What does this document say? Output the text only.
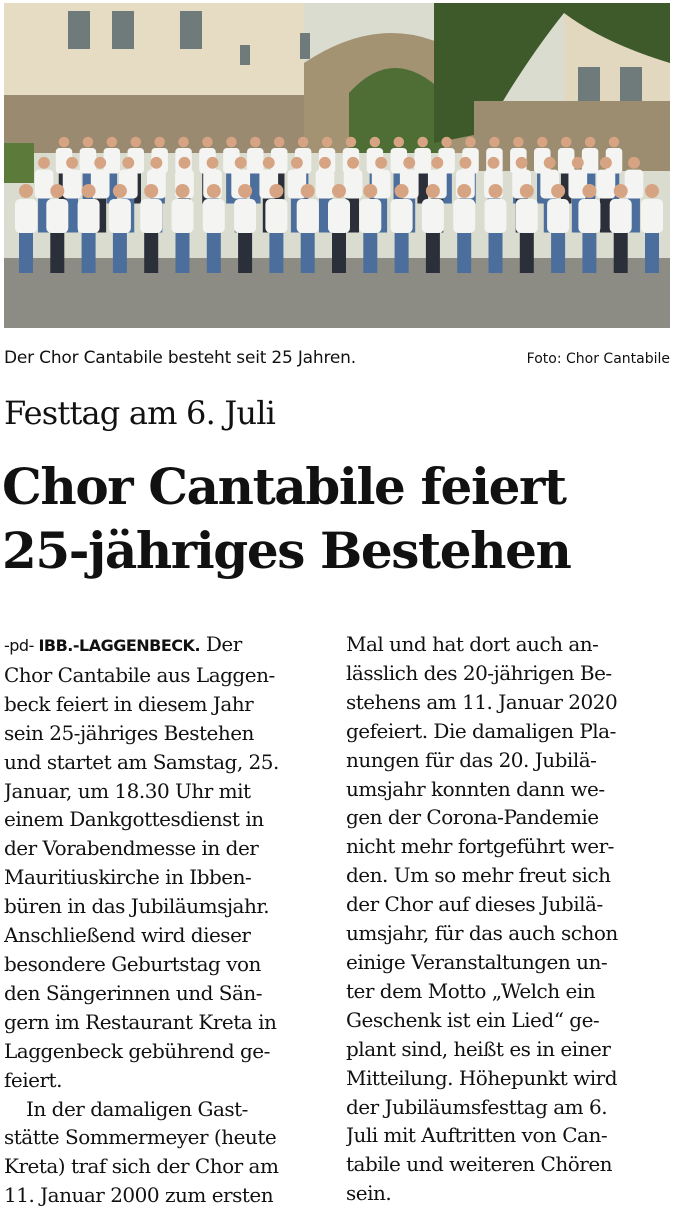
Der Chor Cantabile besteht seit 25 Jahren.	Foto: Chor Cantabile
Festtag am 6. Juli
Chor Cantabile feiert
25-jähriges Bestehen
-pd- IBB.-LAGGENBECK. Der
Chor Cantabile aus Laggen-
beck feiert in diesem Jahr
sein 25-jähriges Bestehen
und startet am Samstag, 25.
Januar, um 18.30 Uhr mit
einem Dankgottesdienst in
der Vorabendmesse in der
Mauritiuskirche in Ibben-
büren in das Jubiläumsjahr.
Anschließend wird dieser
besondere Geburtstag von
den Sängerinnen und Sän-
gern im Restaurant Kreta in
Laggenbeck gebührend ge-
feiert.
In der damaligen Gast-
stätte Sommermeyer (heute
Kreta) traf sich der Chor am
11. Januar 2000 zum ersten
Mal und hat dort auch an-
lässlich des 20-jährigen Be-
stehens am 11. Januar 2020
gefeiert. Die damaligen Pla-
nungen für das 20. Jubilä-
umsjahr konnten dann we-
gen der Corona-Pandemie
nicht mehr fortgeführt wer-
den. Um so mehr freut sich
der Chor auf dieses Jubilä-
umsjahr, für das auch schon
einige Veranstaltungen un-
ter dem Motto „Welch ein
Geschenk ist ein Lied“ ge-
plant sind, heißt es in einer
Mitteilung. Höhepunkt wird
der Jubiläumsfesttag am 6.
Juli mit Auftritten von Can-
tabile und weiteren Chören
sein.
